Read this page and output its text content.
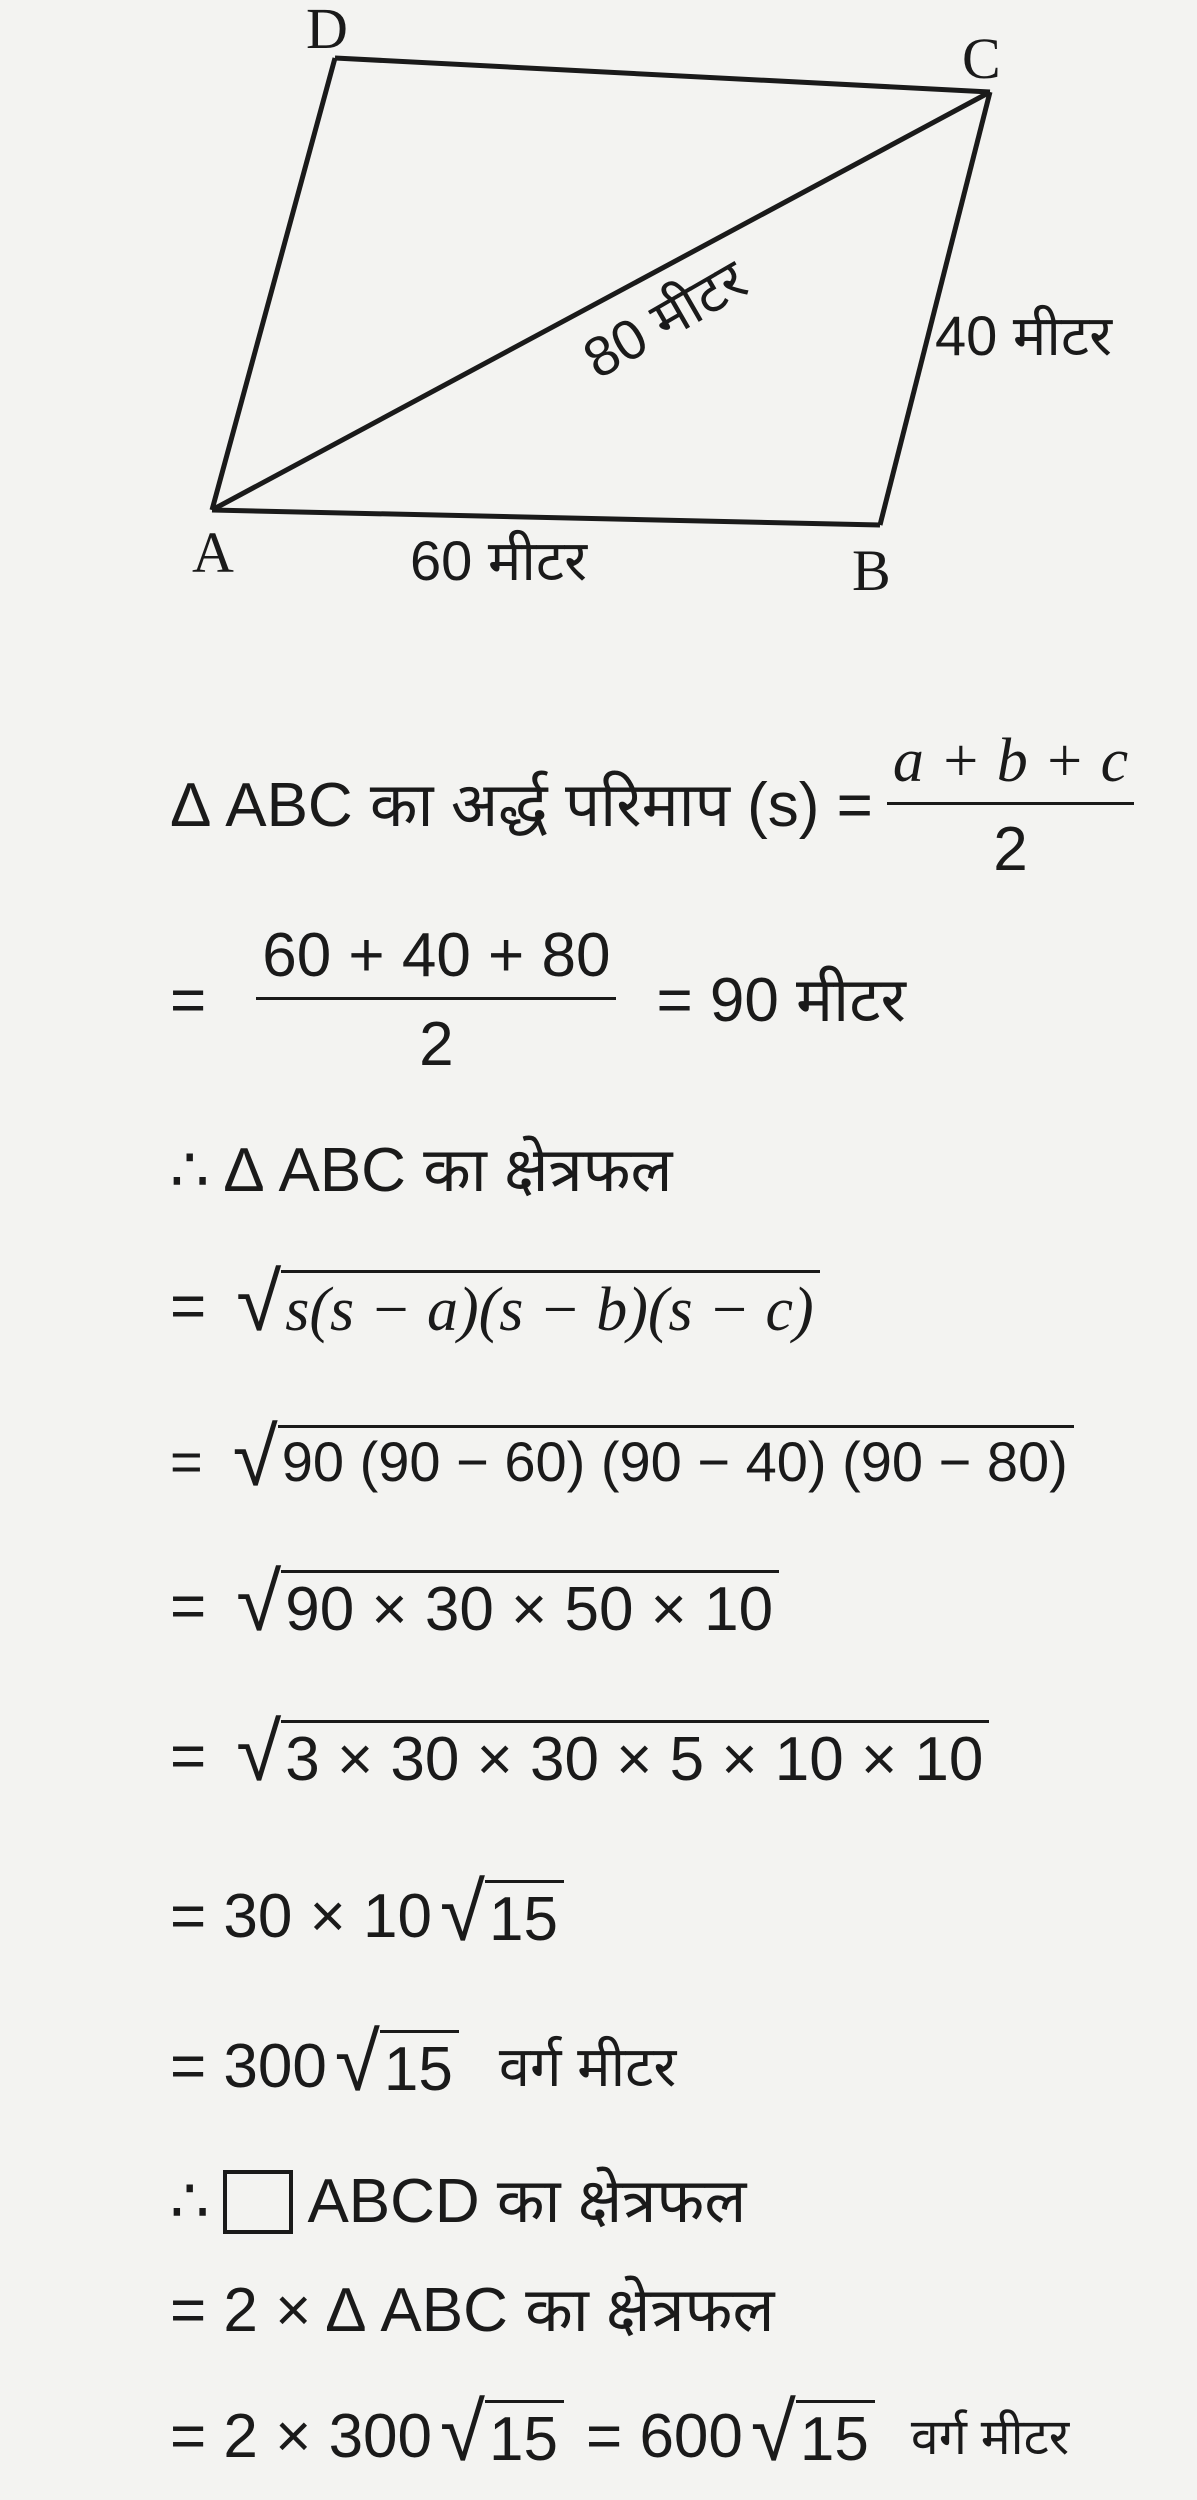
D	C
A	B
60 मीटर
40 मीटर
80 मीटर
Δ ABC का अर्द्ध परिमाप $(s) = \frac{a + b + c}{2}$
= $\frac{60 + 40 + 80}{2} = 90$ मीटर
∴ Δ ABC का क्षेत्रफल
= √ s(s − a)(s − b)(s − c)
= √ 90 (90 − 60) (90 − 40) (90 − 80)
= √ 90 × 30 × 50 × 10
= √ 3 × 30 × 30 × 5 × 10 × 10
= 30 × 10 √ 15
= 300 √ 15 वर्ग मीटर
∴ ABCD का क्षेत्रफल
= 2 × Δ ABC का क्षेत्रफल
= 2 × 300 √ 15 = 600 √ 15 वर्ग मीटर
